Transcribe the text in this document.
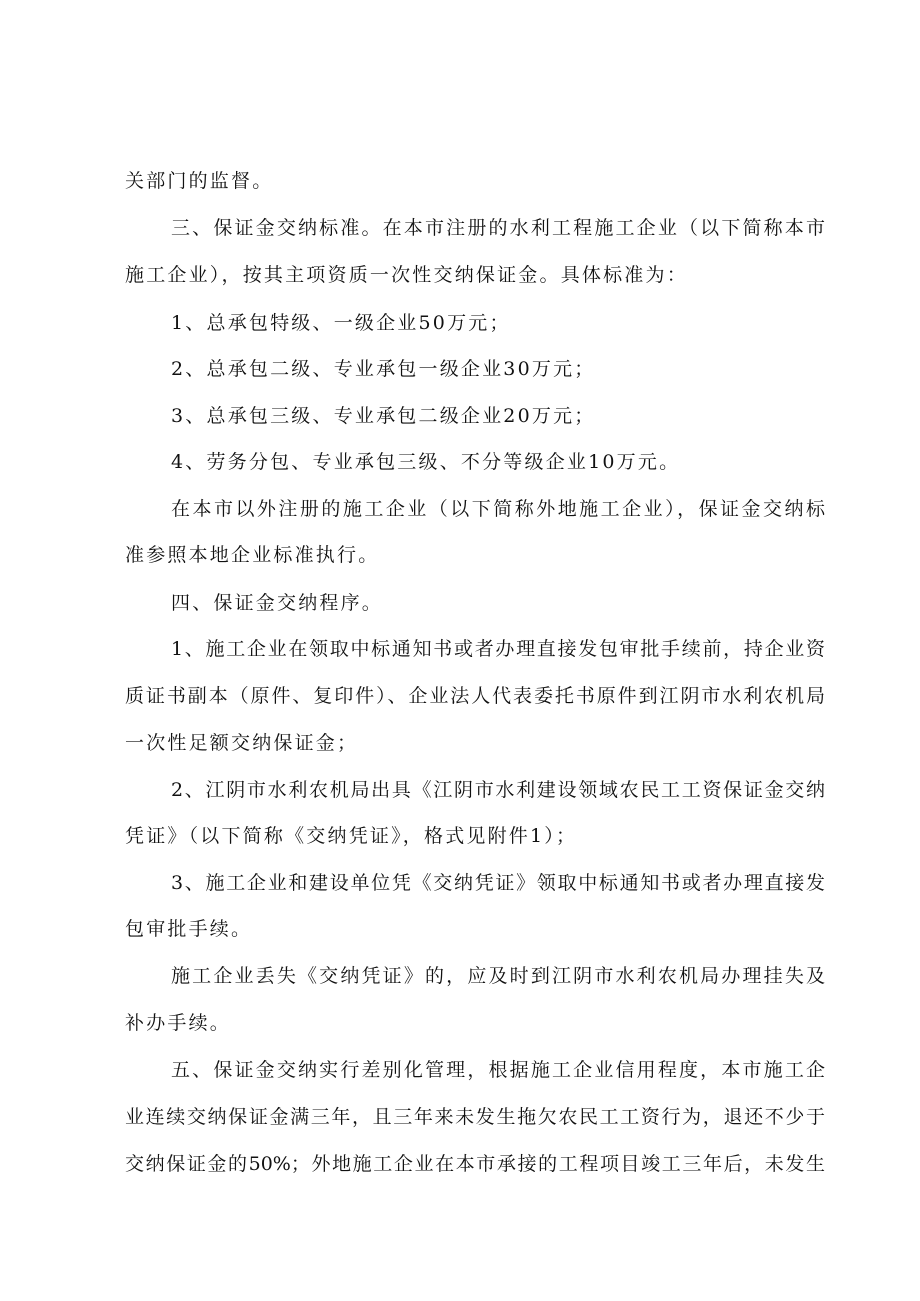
关部门的监督。

三、保证金交纳标准。在本市注册的水利工程施工企业（以下简称本市

施工企业），按其主项资质一次性交纳保证金。具体标准为：

1、总承包特级、一级企业50万元；

2、总承包二级、专业承包一级企业30万元；

3、总承包三级、专业承包二级企业20万元；

4、劳务分包、专业承包三级、不分等级企业10万元。

在本市以外注册的施工企业（以下简称外地施工企业），保证金交纳标

准参照本地企业标准执行。

四、保证金交纳程序。

1、施工企业在领取中标通知书或者办理直接发包审批手续前，持企业资

质证书副本（原件、复印件）、企业法人代表委托书原件到江阴市水利农机局

一次性足额交纳保证金；

2、江阴市水利农机局出具《江阴市水利建设领域农民工工资保证金交纳

凭证》（以下简称《交纳凭证》，格式见附件1）；

3、施工企业和建设单位凭《交纳凭证》领取中标通知书或者办理直接发

包审批手续。

施工企业丢失《交纳凭证》的，应及时到江阴市水利农机局办理挂失及

补办手续。

五、保证金交纳实行差别化管理，根据施工企业信用程度，本市施工企

业连续交纳保证金满三年，且三年来未发生拖欠农民工工资行为，退还不少于

交纳保证金的50%；外地施工企业在本市承接的工程项目竣工三年后，未发生
